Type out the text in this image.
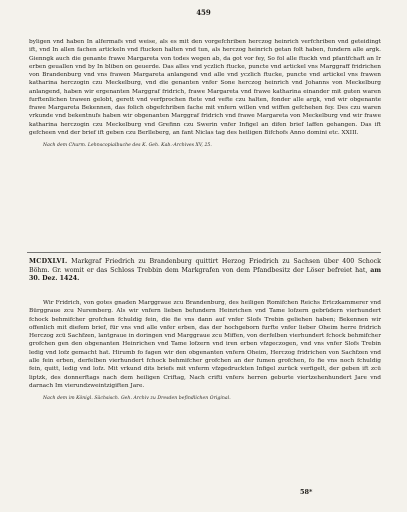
459

byligen vnd haben In alfermafs vnd weise, als es mit den vorgefchriben herczog heinrich verfchriben vnd geteidingt ift, vnd In allen fachen artickeln vnd ftucken halten vnd tun, als herczog heinrich getan folt haben, fundern alle argk. Gienngk auch die genante frawe Margareta von todes wegen ab, da got vor fey, So fol alle ftuckh vnd pfantfchaft an Ir erben geuallen vnd by In bliben on geuerde. Das alles vnd yczlich ftucke, puncte vnd artickel vns Marggraff fridrichen von Brandenburg vnd vns frawen Margareta anlangend vnd alle vnd yczlich ftucke, puncte vnd artickel vns frawen katharina herczogin czu Meckelburg, vnd die genanten vnfer Sone herczog heinrich vnd Johanns von Meckelburg anlangend, haben wir ergenanten Marggraf fridrich, frawe Margareta vnd frawe katharina einander mit guten waren furftenlichen trawen gelobt, gerett vnd verfprochen ftete vnd vefte czu halten, fonder alle argk, vnd wir obgenante frawe Margareta Bekennen, das folich obgefchriben fache mit vnfern willen vnd wiffen gefchehen fey. Des czu waren vrkunde vnd bekentnufs haben wir obgenanten Marggraf fridrich vnd frawe Margareta von Meckelburg vnd wir frawe katharina herczogin czu Meckelburg vnd Grefinn czu Swerin vnfer Infigel an difen brief laffen gehangen. Das ift gefcheen vnd der brief ift geben czu Berlleberg, an fant Niclas tag des heiligen Bifchofs Anno domini etc. XXIII.

Nach dem Churm. Lehnscopialbuche des K. Geh. Kab.-Archives XV, 25.

MCDXLVI. Markgraf Friedrich zu Brandenburg quittirt Herzog Friedrich zu Sachsen über 400 Schock Böhm. Gr. womit er das Schloss Trebbin dem Markgrafen von dem Pfandbesitz der Löser befreiet hat, am 30. Dez. 1424.

Wir Fridrich, von gotes gnaden Marggraue zcu Brandenburg, des heiligen Romifchen Reichs Ertczkammerer vnd Bürggraue zcu Nuremberg. Als wir vnfern lieben befundern Heinrichen vnd Tame lofzern gebrüdern vierhundert fchock behmifcher grofchen fchuldig fein, die fie vns dann auf vnfer Slofs Trebin geliehen haben; Bekennen wir offenlich mit diefem brief, für vns vnd alle vnfer erben, das der hochgeborn furfte vnfer lieber Oheim herre fridrich Herczog zcü Sachfzen, lantgraue in doringen vnd Marggraue zcu Miffen, von derfelben vierhundert fchock behmifcher grofchen gen den obgenanten Heinrichen vnd Tame lofzern vnd iren erben vfzgeczogen, vnd vns vnfer Slofs Trebin ledig vnd lofz gemacht hat. Hirumb fo fagen wir den obgenanten vnfern Oheim, Herczog fridrichen von Sachfzen vnd alle fein erben, derfelben vierhundert fchock behmifcher grofchen an der fumen grofchen, fo fie vns noch fchuldig fein, quitt, ledig vnd lofz. Mit vrkund dits briefs mit vnferm vfzgedruckten Infigel zurück verfigelt, der geben ift zcü liptzk, des donnerftags nach dem heiligen Criftag, Nach crifti vnfers herren geburte viertzehenhundert Jare vnd darnach Im vierundzweintzigiften Jare.

Nach dem im Königl. Sächsisch. Geh. Archiv zu Dresden befindlichen Original.

58*
